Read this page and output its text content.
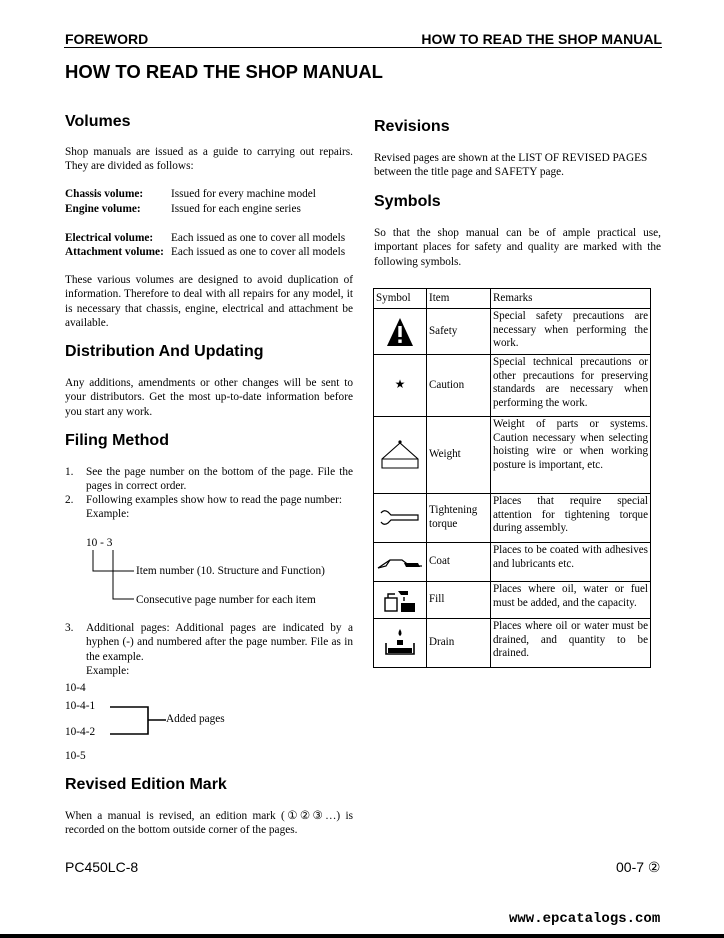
FOREWORD	HOW TO READ THE SHOP MANUAL
HOW TO READ THE SHOP MANUAL
Volumes
Shop manuals are issued as a guide to carrying out repairs. They are divided as follows:
Chassis volume: Issued for every machine model
Engine volume:	Issued for each engine series
Electrical volume: Each issued as one to cover all models
Attachment volume: Each issued as one to cover all models
These various volumes are designed to avoid duplication of information. Therefore to deal with all repairs for any model, it is necessary that chassis, engine, electrical and attachment be available.
Distribution And Updating
Any additions, amendments or other changes will be sent to your distributors. Get the most up-to-date information before you start any work.
Filing Method
1. See the page number on the bottom of the page. File the pages in correct order.
2. Following examples show how to read the page number:
Example:
10 - 3
Item number (10. Structure and Function)
Consecutive page number for each item
3. Additional pages: Additional pages are indicated by a hyphen (-) and numbered after the page number. File as in the example.
Example:
10-4
10-4-1
10-4-2
10-5
Added pages
Revised Edition Mark
When a manual is revised, an edition mark (①②③…) is recorded on the bottom outside corner of the pages.
Revisions
Revised pages are shown at the LIST OF REVISED PAGES between the title page and SAFETY page.
Symbols
So that the shop manual can be of ample practical use, important places for safety and quality are marked with the following symbols.
Symbol	Item	Remarks

	Safety	Special safety precautions are necessary when performing the work.
★	Caution	Special technical precautions or other precautions for preserving standards are necessary when performing the work.

	Weight	Weight of parts or systems. Caution necessary when selecting hoisting wire or when working posture is important, etc.

	Tightening torque	Places that require special attention for tightening torque during assembly.

	Coat	Places to be coated with adhesives and lubricants etc.

	Fill	Places where oil, water or fuel must be added, and the capacity.

	Drain	Places where oil or water must be drained, and quantity to be drained.
PC450LC-8	00-7 ②
www.epcatalogs.com
